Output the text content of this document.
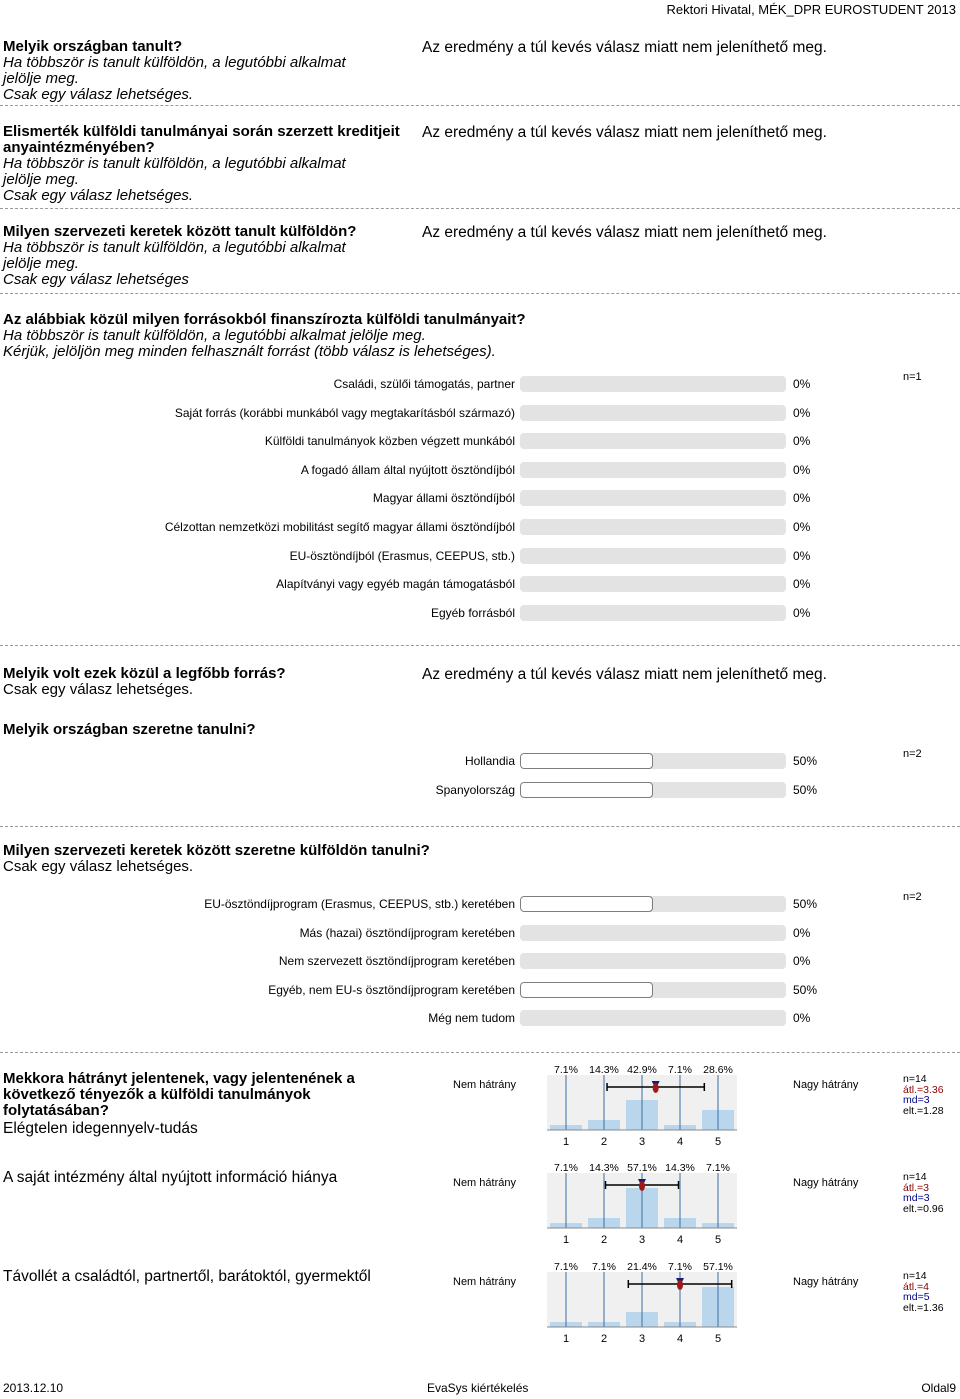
Rektori Hivatal, MÉK_DPR EUROSTUDENT 2013
Melyik országban tanult?
Ha többször is tanult külföldön, a legutóbbi alkalmat
jelölje meg.
Csak egy válasz lehetséges.
Az eredmény a túl kevés válasz miatt nem jeleníthető meg.
Elismerték külföldi tanulmányai során szerzett kreditjeit
anyaintézményében?
Ha többször is tanult külföldön, a legutóbbi alkalmat
jelölje meg.
Csak egy válasz lehetséges.
Az eredmény a túl kevés válasz miatt nem jeleníthető meg.
Milyen szervezeti keretek között tanult külföldön?
Ha többször is tanult külföldön, a legutóbbi alkalmat
jelölje meg.
Csak egy válasz lehetséges
Az eredmény a túl kevés válasz miatt nem jeleníthető meg.
Az alábbiak közül milyen forrásokból finanszírozta külföldi tanulmányait?
Ha többször is tanult külföldön, a legutóbbi alkalmat jelölje meg.
Kérjük, jelöljön meg minden felhasznált forrást (több válasz is lehetséges).
n=1
Családi, szülői támogatás, partner	0%
Saját forrás (korábbi munkából vagy megtakarításból származó)	0%
Külföldi tanulmányok közben végzett munkából	0%
A fogadó állam által nyújtott ösztöndíjból	0%
Magyar állami ösztöndíjból	0%
Célzottan nemzetközi mobilitást segítő magyar állami ösztöndíjból	0%
EU-ösztöndíjból (Erasmus, CEEPUS, stb.)	0%
Alapítványi vagy egyéb magán támogatásból	0%
Egyéb forrásból	0%
Melyik volt ezek közül a legfőbb forrás?
Csak egy válasz lehetséges.
Az eredmény a túl kevés válasz miatt nem jeleníthető meg.
Melyik országban szeretne tanulni?
n=2
Hollandia	50%
Spanyolország	50%
Milyen szervezeti keretek között szeretne külföldön tanulni?
Csak egy válasz lehetséges.
n=2
EU-ösztöndíjprogram (Erasmus, CEEPUS, stb.) keretében	50%
Más (hazai) ösztöndíjprogram keretében	0%
Nem szervezett ösztöndíjprogram keretében	0%
Egyéb, nem EU-s ösztöndíjprogram keretében	50%
Még nem tudom	0%
Mekkora hátrányt jelentenek, vagy jelentenének a
következő tényezők a külföldi tanulmányok
folytatásában?
Elégtelen idegennyelv-tudás
Nem hátrány	Nagy hátrány	n=14
átl.=3.36
md=3
elt.=1.28
7.1%
1
14.3%
2
42.9%
3
7.1%
4
28.6%
5
A saját intézmény által nyújtott információ hiánya	Nem hátrány	Nagy hátrány	n=14
átl.=3
md=3
elt.=0.96
7.1%
1
14.3%
2
57.1%
3
14.3%
4
7.1%
5
Távollét a családtól, partnertől, barátoktól, gyermektől	Nem hátrány	Nagy hátrány	n=14
átl.=4
md=5
elt.=1.36
7.1%
1
7.1%
2
21.4%
3
7.1%
4
57.1%
5
2013.12.10	EvaSys kiértékelés	Oldal9
